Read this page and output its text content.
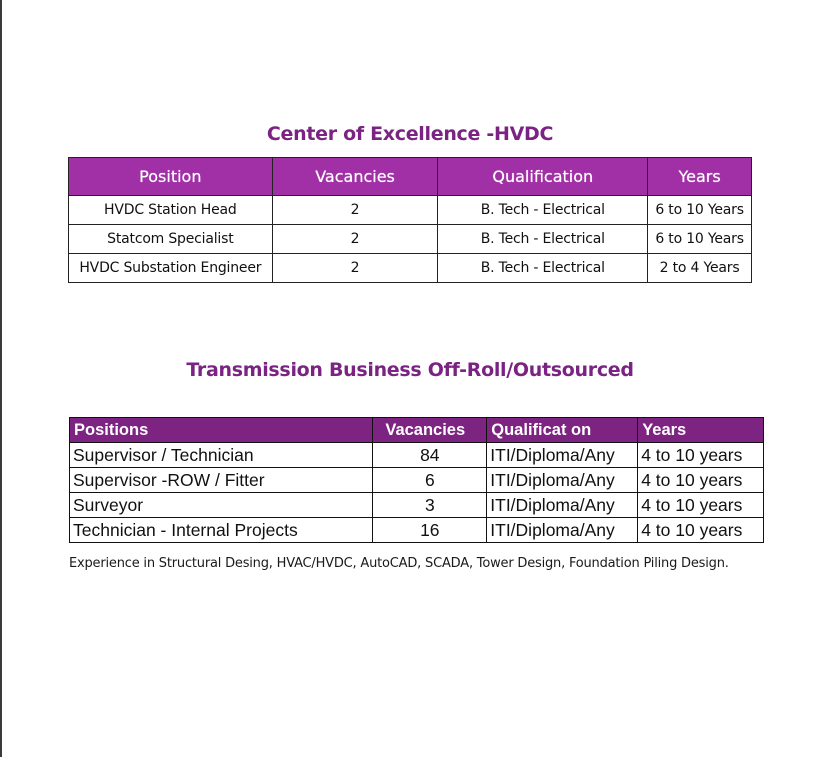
Center of Excellence -HVDC
Position	Vacancies	Qualification	Years
HVDC Station Head	2	B. Tech - Electrical	6 to 10 Years
Statcom Specialist	2	B. Tech - Electrical	6 to 10 Years
HVDC Substation Engineer	2	B. Tech - Electrical	2 to 4 Years
Transmission Business Off-Roll/Outsourced
Positions	Vacancies	Qualificat on	Years
Supervisor / Technician	84	ITI/Diploma/Any	4 to 10 years
Supervisor -ROW / Fitter	6	ITI/Diploma/Any	4 to 10 years
Surveyor	3	ITI/Diploma/Any	4 to 10 years
Technician - Internal Projects	16	ITI/Diploma/Any	4 to 10 years
Experience in Structural Desing, HVAC/HVDC, AutoCAD, SCADA, Tower Design, Foundation Piling Design.
